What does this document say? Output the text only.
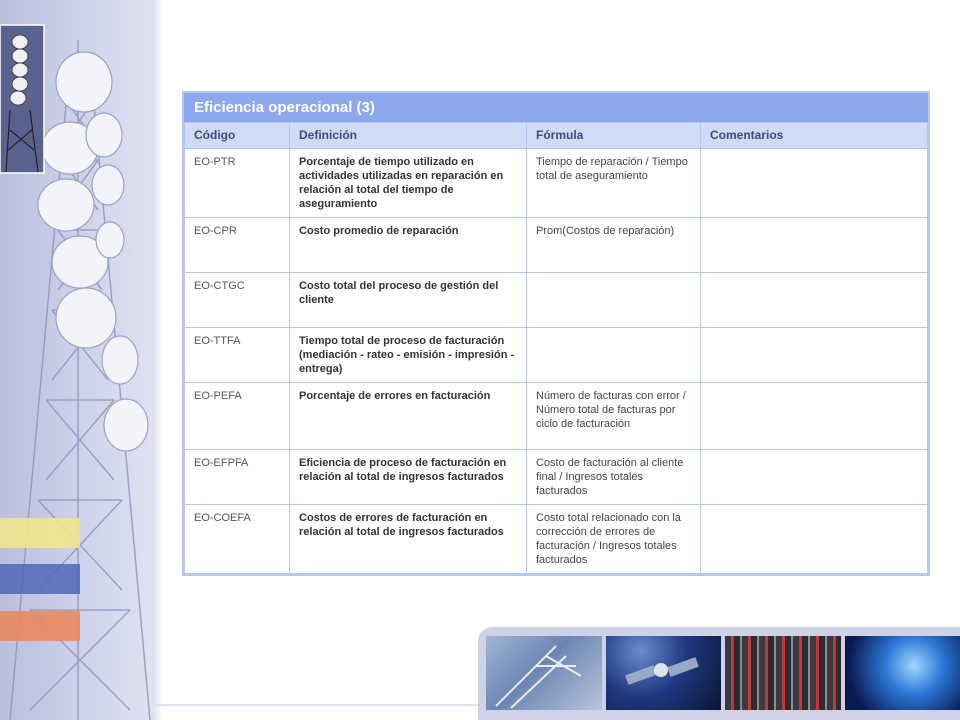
Eficiencia operacional (3)
Código	Definición	Fórmula	Comentarios
EO-PTR	Porcentaje de tiempo utilizado en actividades utilizadas en reparación en relación al total del tiempo de aseguramiento	Tiempo de reparación / Tiempo total de aseguramiento	
EO-CPR	Costo promedio de reparación	Prom(Costos de reparación)	
EO-CTGC	Costo total del proceso de gestión del cliente		
EO-TTFA	Tiempo total de proceso de facturación (mediación - rateo - emisión - impresión - entrega)		
EO-PEFA	Porcentaje de errores en facturación	Número de facturas con error / Número total de facturas por ciclo de facturación	
EO-EFPFA	Eficiencia de proceso de facturación en relación al total de ingresos facturados	Costo de facturación al cliente final / Ingresos totales facturados	
EO-COEFA	Costos de errores de facturación en relación al total de ingresos facturados	Costo total relacionado con la corrección de errores de facturación / Ingresos totales facturados	
